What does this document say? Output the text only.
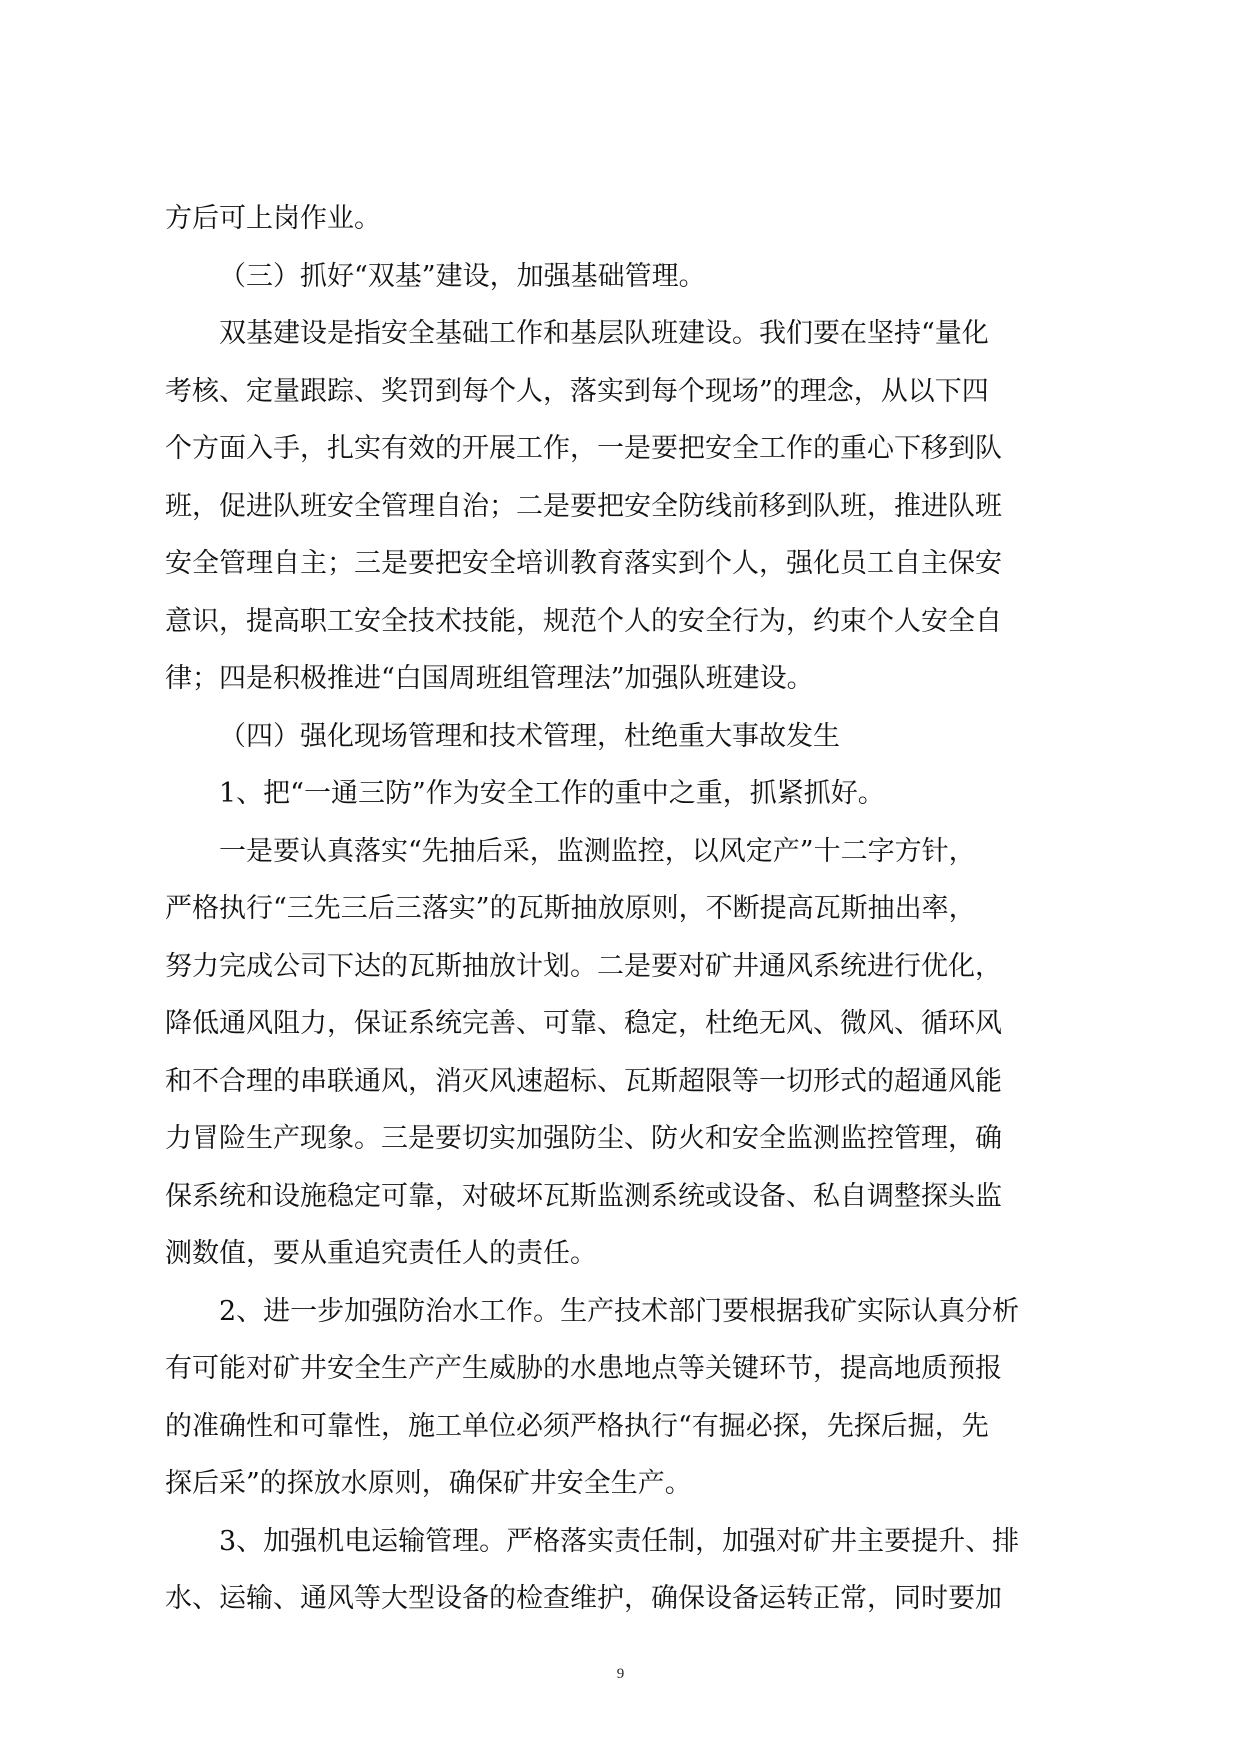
方后可上岗作业。
（三）抓好“双基”建设，加强基础管理。
双基建设是指安全基础工作和基层队班建设。我们要在坚持“量化
考核、定量跟踪、奖罚到每个人，落实到每个现场”的理念，从以下四
个方面入手，扎实有效的开展工作，一是要把安全工作的重心下移到队
班，促进队班安全管理自治；二是要把安全防线前移到队班，推进队班
安全管理自主；三是要把安全培训教育落实到个人，强化员工自主保安
意识，提高职工安全技术技能，规范个人的安全行为，约束个人安全自
律；四是积极推进“白国周班组管理法”加强队班建设。
（四）强化现场管理和技术管理，杜绝重大事故发生
1、把“一通三防”作为安全工作的重中之重，抓紧抓好。
一是要认真落实“先抽后采，监测监控，以风定产”十二字方针，
严格执行“三先三后三落实”的瓦斯抽放原则，不断提高瓦斯抽出率，
努力完成公司下达的瓦斯抽放计划。二是要对矿井通风系统进行优化，
降低通风阻力，保证系统完善、可靠、稳定，杜绝无风、微风、循环风
和不合理的串联通风，消灭风速超标、瓦斯超限等一切形式的超通风能
力冒险生产现象。三是要切实加强防尘、防火和安全监测监控管理，确
保系统和设施稳定可靠，对破坏瓦斯监测系统或设备、私自调整探头监
测数值，要从重追究责任人的责任。
2、进一步加强防治水工作。生产技术部门要根据我矿实际认真分析
有可能对矿井安全生产产生威胁的水患地点等关键环节，提高地质预报
的准确性和可靠性，施工单位必须严格执行“有掘必探，先探后掘，先
探后采”的探放水原则，确保矿井安全生产。
3、加强机电运输管理。严格落实责任制，加强对矿井主要提升、排
水、运输、通风等大型设备的检查维护，确保设备运转正常，同时要加
9
